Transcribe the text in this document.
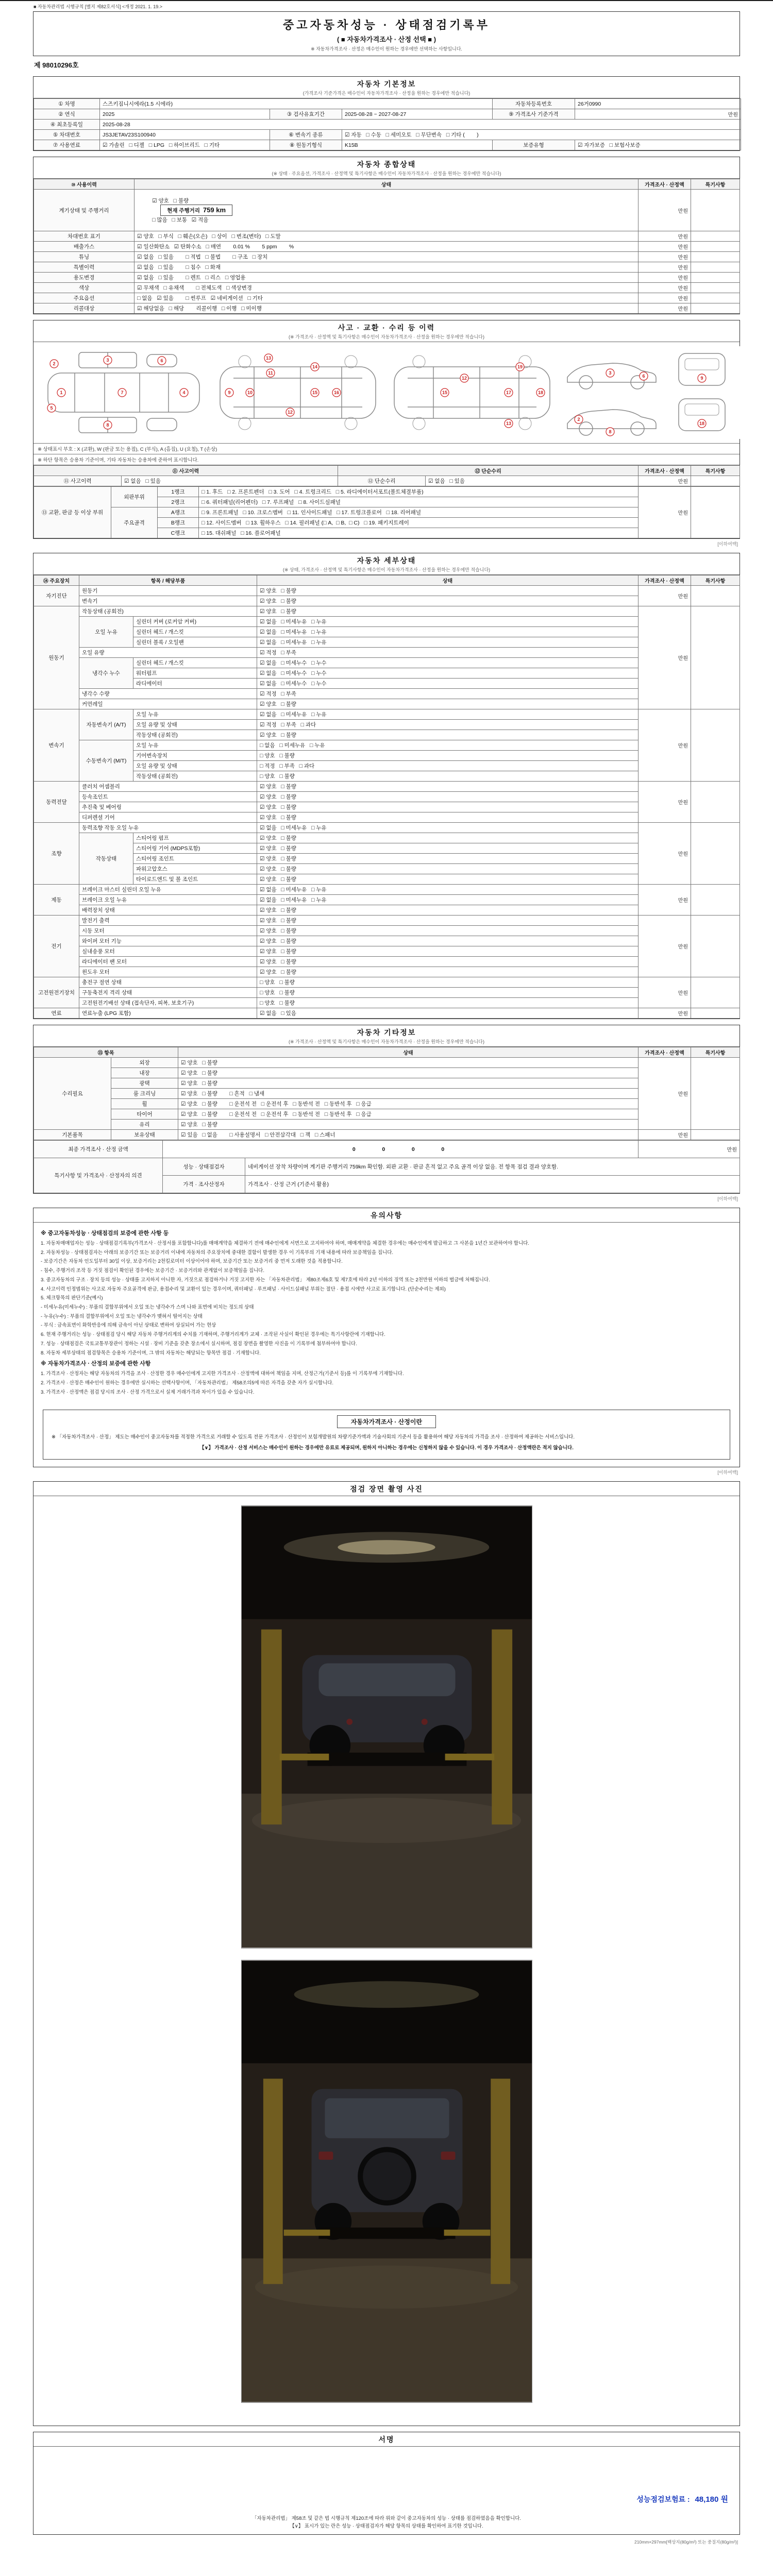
■ 자동차관리법 시행규칙 [별지 제82호서식] <개정 2021. 1. 19.>
중고자동차성능 · 상태점검기록부
( ■ 자동차가격조사 · 산정 선택 ■ )
※ 자동차가격조사 · 산정은 매수인이 원하는 경우에만 선택하는 사항입니다.
제 98010296호
자동차 기본정보
(가격조사 기준가격은 매수인이 자동차가격조사 · 산정을 원하는 경우에만 적습니다)
① 차명	스즈키짐니시에라(1.5 시에라)			자동차등록번호	26거0990
② 연식	2025	③ 검사유효기간	2025-08-28 ~ 2027-08-27	⑨ 가격조사 기준가격	만원
④ 최초등록일	2025-08-28				
⑤ 차대번호	JS3JETAV23S100940	⑥ 변속기 종류	☑ 자동   □ 수동   □ 세미오토   □ 무단변속   □ 기타 (        )		
⑦ 사용연료	☑ 가솔린   □ 디젤   □ LPG   □ 하이브리드   □ 기타	⑧ 원동기형식	K15B	보증유형	☑ 자가보증   □ 보험사보증
자동차 종합상태
(※ 상태 · 주요옵션, 가격조사 · 산정액 및 특기사항은 매수인이 자동차가격조사 · 산정을 원하는 경우에만 적습니다)
⑩ 사용이력	상태	가격조사 · 산정액	특기사항
계기상태 및 주행거리	☑ 양호   □ 불량
현재 주행거리 759 km
□ 많음   □ 보통   ☑ 적음	만원	
차대번호 표기	☑ 양호   □ 부식   □ 훼손(오손)   □ 상이   □ 변조(변타)   □ 도말	만원	
배출가스	☑ 일산화탄소   ☑ 탄화수소   □ 매연        0.01 %        5 ppm        %	만원	
튜닝	☑ 없음   □ 있음        □ 적법   □ 불법        □ 구조   □ 장치	만원	
특별이력	☑ 없음   □ 있음        □ 침수   □ 화재	만원	
용도변경	☑ 없음   □ 있음        □ 렌트   □ 리스   □ 영업용	만원	
색상	☑ 무채색   □ 유채색        □ 전체도색   □ 색상변경	만원	
주요옵션	□ 없음   ☑ 있음        □ 썬루프   ☑ 네비게이션   □ 기타	만원	
리콜대상	☑ 해당없음   □ 해당        리콜이행   □ 이행   □ 미이행	만원	
사고 · 교환 · 수리 등 이력
(※ 가격조사 · 산정액 및 특기사항은 매수인이 자동차가격조사 · 산정을 원하는 경우에만 적습니다)
1
2
3
4
5
6
7
8
9	10
11
12
13
14
15	16
12
13
17	18
19
15
3
6
2
8
9
18
※ 상태표시 부호 : X (교환), W (판금 또는 용접), C (부식), A (흠집), U (요철), T (손상)
※ 하단 항목은 승용차 기준이며, 기타 자동차는 승용차에 준하여 표시합니다.
⑪ 사고이력		⑫ 단순수리		가격조사 · 산정액	특기사항
⑪ 사고이력	☑ 없음   □ 있음	⑫ 단순수리	☑ 없음   □ 있음	만원	
⑬ 교환, 판금 등 이상 부위	외판부위	1랭크	□ 1. 후드   □ 2. 프론트펜더   □ 3. 도어   □ 4. 트렁크리드   □ 5. 라디에이터서포트(볼트체결부품)	만원	
		2랭크	□ 6. 쿼터패널(리어펜더)   □ 7. 루프패널   □ 8. 사이드실패널		
	주요골격	A랭크	□ 9. 프론트패널   □ 10. 크로스멤버   □ 11. 인사이드패널   □ 17. 트렁크플로어   □ 18. 리어패널		
		B랭크	□ 12. 사이드멤버   □ 13. 휠하우스   □ 14. 필러패널 (□ A,  □ B,  □ C)   □ 19. 패키지트레이		
		C랭크	□ 15. 대쉬패널   □ 16. 플로어패널		
[이하여백]
자동차 세부상태
(※ 상태, 가격조사 · 산정액 및 특기사항은 매수인이 자동차가격조사 · 산정을 원하는 경우에만 적습니다)
⑭ 주요장치	항목 / 해당부품		상태	가격조사 · 산정액	특기사항
자기진단	원동기		☑ 양호   □ 불량	만원	
	변속기		☑ 양호   □ 불량		
원동기	작동상태 (공회전)		☑ 양호   □ 불량	만원	
	오일 누유	실린더 커버 (로커암 커버)	☑ 없음   □ 미세누유   □ 누유		
		실린더 헤드 / 개스킷	☑ 없음   □ 미세누유   □ 누유		
		실린더 블록 / 오일팬	☑ 없음   □ 미세누유   □ 누유		
	오일 유량		☑ 적정   □ 부족		
	냉각수 누수	실린더 헤드 / 개스킷	☑ 없음   □ 미세누수   □ 누수		
		워터펌프	☑ 없음   □ 미세누수   □ 누수		
		라디에이터	☑ 없음   □ 미세누수   □ 누수		
	냉각수 수량		☑ 적정   □ 부족		
	커먼레일		☑ 양호   □ 불량		
변속기	자동변속기 (A/T)	오일 누유	☑ 없음   □ 미세누유   □ 누유	만원	
		오일 유량 및 상태	☑ 적정   □ 부족   □ 과다		
		작동상태 (공회전)	☑ 양호   □ 불량		
	수동변속기 (M/T)	오일 누유	□ 없음   □ 미세누유   □ 누유		
		기어변속장치	□ 양호   □ 불량		
		오일 유량 및 상태	□ 적정   □ 부족   □ 과다		
		작동상태 (공회전)	□ 양호   □ 불량		
동력전달	클러치 어셈블리		☑ 양호   □ 불량	만원	
	등속조인트		☑ 양호   □ 불량		
	추진축 및 베어링		☑ 양호   □ 불량		
	디퍼렌셜 기어		☑ 양호   □ 불량		
조향	동력조향 작동 오일 누유		☑ 없음   □ 미세누유   □ 누유	만원	
	작동상태	스티어링 펌프	☑ 양호   □ 불량		
		스티어링 기어 (MDPS포함)	☑ 양호   □ 불량		
		스티어링 조인트	☑ 양호   □ 불량		
		파워고압호스	☑ 양호   □ 불량		
		타이로드엔드 및 볼 조인트	☑ 양호   □ 불량		
제동	브레이크 마스터 실린더 오일 누유		☑ 없음   □ 미세누유   □ 누유	만원	
	브레이크 오일 누유		☑ 없음   □ 미세누유   □ 누유		
	배력장치 상태		☑ 양호   □ 불량		
전기	발전기 출력		☑ 양호   □ 불량	만원	
	시동 모터		☑ 양호   □ 불량		
	와이퍼 모터 기능		☑ 양호   □ 불량		
	실내송풍 모터		☑ 양호   □ 불량		
	라디에이터 팬 모터		☑ 양호   □ 불량		
	윈도우 모터		☑ 양호   □ 불량		
고전원전기장치	충전구 절연 상태		□ 양호   □ 불량	만원	
	구동축전지 격리 상태		□ 양호   □ 불량		
	고전원전기배선 상태 (접속단자, 피복, 보호기구)		□ 양호   □ 불량		
연료	연료누출 (LPG 포함)		☑ 없음   □ 있음	만원	
자동차 기타정보
(※ 가격조사 · 산정액 및 특기사항은 매수인이 자동차가격조사 · 산정을 원하는 경우에만 적습니다)
⑮ 항목		상태	가격조사 · 산정액	특기사항
수리필요	외장	☑ 양호   □ 불량	만원	
	내장	☑ 양호   □ 불량		
	광택	☑ 양호   □ 불량		
	룸 크리닝	☑ 양호   □ 불량        □ 흔적   □ 냄새		
	휠	☑ 양호   □ 불량        □ 운전석 전   □ 운전석 후   □ 동반석 전   □ 동반석 후   □ 응급		
	타이어	☑ 양호   □ 불량        □ 운전석 전   □ 운전석 후   □ 동반석 전   □ 동반석 후   □ 응급		
	유리	☑ 양호   □ 불량		
기본품목	보유상태	☑ 있음   □ 없음        □ 사용설명서   □ 안전삼각대   □ 잭   □ 스패너	만원	
최종 가격조사 · 산정 금액	0    0    0    0		만원
특기사항 및 가격조사 · 산정자의 의견	성능 · 상태점검자	네비게이션 장착 차량이며 계기판 주행거리 759km 확인함. 외판 교환 · 판금 흔적 없고 주요 골격 이상 없음. 전 항목 점검 결과 양호함.	
	가격 · 조사산정자	가격조사 · 산정 근거 (기준서 활용)	
[이하여백]
유의사항
※ 중고자동차성능 · 상태점검의 보증에 관한 사항 등

1. 자동차매매업자는 성능 · 상태점검기록부(가격조사 · 산정서를 포함합니다)를 매매계약을 체결하기 전에 매수인에게 서면으로 고지하여야 하며, 매매계약을 체결한 경우에는 매수인에게 발급하고 그 사본을 1년간 보관하여야 합니다.

2. 자동차성능 · 상태점검자는 아래의 보증기간 또는 보증거리 이내에 자동차의 주요장치에 중대한 결함이 발생한 경우 이 기록부의 기재 내용에 따라 보증책임을 집니다.

- 보증기간은 자동차 인도일부터 30일 이상, 보증거리는 2천킬로미터 이상이어야 하며, 보증기간 또는 보증거리 중 먼저 도래한 것을 적용합니다.

- 침수, 주행거리 조작 등 거짓 점검이 확인된 경우에는 보증기간 · 보증거리와 관계없이 보증책임을 집니다.

3. 중고자동차의 구조 · 장치 등의 성능 · 상태를 고지하지 아니한 자, 거짓으로 점검하거나 거짓 고지한 자는 「자동차관리법」 제80조제6호 및 제7호에 따라 2년 이하의 징역 또는 2천만원 이하의 벌금에 처해집니다.

4. 사고이력 인정범위는 사고로 자동차 주요골격에 판금, 용접수리 및 교환이 있는 경우이며, 쿼터패널 · 루프패널 · 사이드실패널 부위는 절단 · 용접 시에만 사고로 표기합니다. (단순수리는 제외)

5. 체크항목의 판단기준(예시)

- 미세누유(미세누수) : 부품의 결합부위에서 오일 또는 냉각수가 스며 나와 표면에 비치는 정도의 상태

- 누유(누수) : 부품의 결합부위에서 오일 또는 냉각수가 맺혀서 떨어지는 상태

- 부식 : 금속표면이 화학반응에 의해 금속이 아닌 상태로 변하여 상실되어 가는 현상

6. 현재 주행거리는 성능 · 상태점검 당시 해당 자동차 주행거리계의 수치를 기재하며, 주행거리계가 교체 · 조작된 사실이 확인된 경우에는 특기사항란에 기재합니다.

7. 성능 · 상태점검은 국토교통부장관이 정하는 시설 · 장비 기준을 갖춘 장소에서 실시하며, 점검 장면을 촬영한 사진을 이 기록부에 첨부하여야 합니다.

8. 자동차 세부상태의 점검항목은 승용차 기준이며, 그 밖의 자동차는 해당되는 항목만 점검 · 기재합니다.

※ 자동차가격조사 · 산정의 보증에 관한 사항

1. 가격조사 · 산정자는 해당 자동차의 가격을 조사 · 산정한 경우 매수인에게 고지한 가격조사 · 산정액에 대하여 책임을 지며, 산정근거(기준서 등)를 이 기록부에 기재합니다.

2. 가격조사 · 산정은 매수인이 원하는 경우에만 실시하는 선택사항이며, 「자동차관리법」 제58조의5에 따른 자격을 갖춘 자가 실시합니다.

3. 가격조사 · 산정액은 점검 당시의 조사 · 산정 가격으로서 실제 거래가격과 차이가 있을 수 있습니다.

자동차가격조사 · 산정이란

※ 「자동차가격조사 · 산정」 제도는 매수인이 중고자동차를 적정한 가격으로 거래할 수 있도록 전문 가격조사 · 산정인이 보험개발원의 차량기준가액과 기술사회의 기준서 등을 활용하여 해당 자동차의 가격을 조사 · 산정하여 제공하는 서비스입니다.

【∨】 가격조사 · 산정 서비스는 매수인이 원하는 경우에만 유료로 제공되며, 원하지 아니하는 경우에는 신청하지 않을 수 있습니다. 이 경우 가격조사 · 산정액란은 적지 않습니다.

[이하여백]
점검 장면 촬영 사진
서명
성능점검보험료 : 48,180 원

「자동차관리법」 제58조 및 같은 법 시행규칙 제120조에 따라 위와 같이 중고자동차의 성능 · 상태를 점검하였음을 확인합니다.

【∨】 표시가 있는 란은 성능 · 상태점검자가 해당 항목의 상태를 확인하여 표기한 것입니다.

210mm×297mm[백상지(80g/m²) 또는 중질지(80g/m²)]
